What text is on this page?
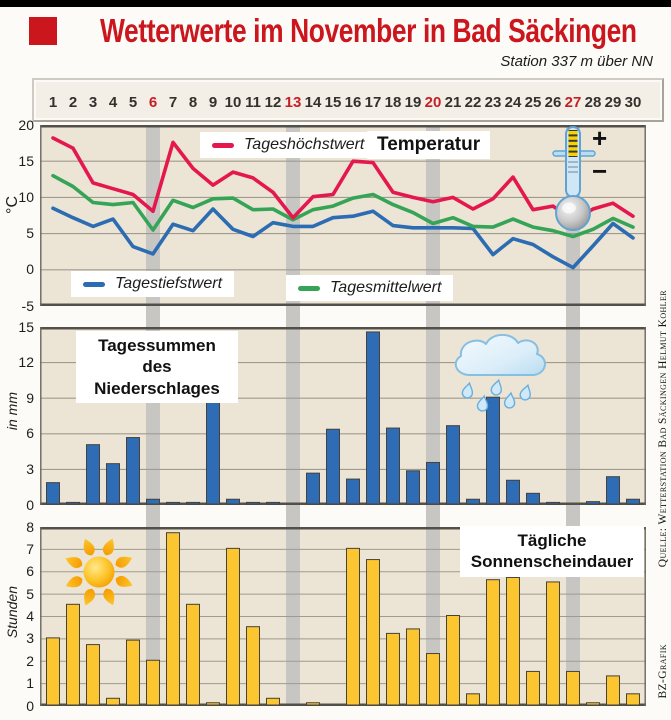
Wetterwerte im November in Bad Säckingen
Station 337 m über NN
1 2 3 4 5 6 7 8 9 10 11 12 13 14 15 16 17 18 19 20 21 22 23 24 25 26 27 28 29 30
20
15
10
5
0
-5
15
12
9
6
3
0
8
7
6
5
4
3
2
1
0
°C
in mm
Stunden
Tageshöchstwert Temperatur
Tagestiefstwert	Tagesmittelwert
Tagessummen des Niederschlages
Tägliche Sonnenscheindauer
+
−
Quelle: Wetterstation Bad Säckingen Helmut Kohler
BZ-Grafik
